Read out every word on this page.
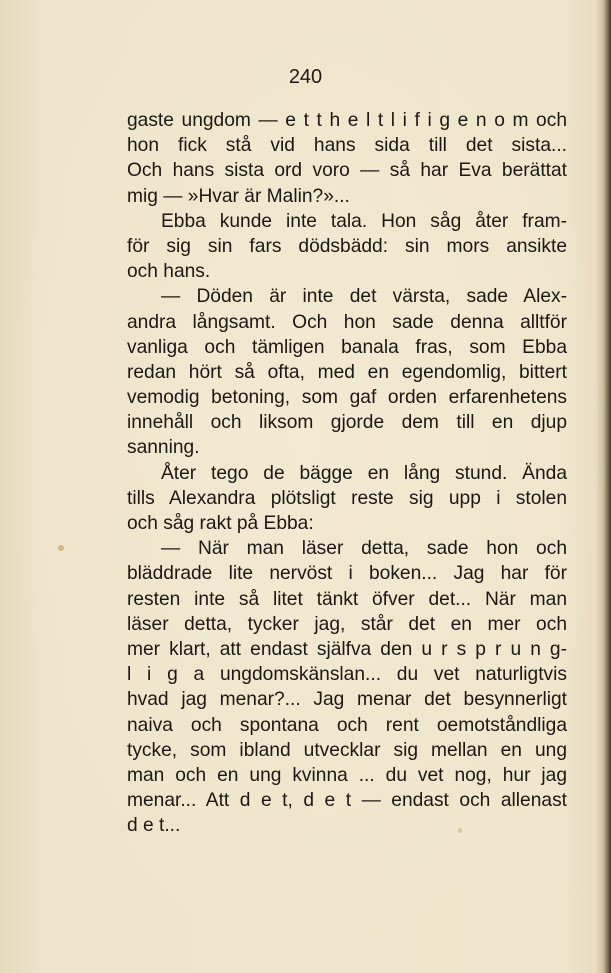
240

gaste ungdom — e t t h e l t l i f i g e n o m och
hon fick stå vid hans sida till det sista...
Och hans sista ord voro — så har Eva berättat
mig — »Hvar är Malin?»...
Ebba kunde inte tala. Hon såg åter fram-
för sig sin fars dödsbädd: sin mors ansikte
och hans.
— Döden är inte det värsta, sade Alex-
andra långsamt. Och hon sade denna alltför
vanliga och tämligen banala fras, som Ebba
redan hört så ofta, med en egendomlig, bittert
vemodig betoning, som gaf orden erfarenhetens
innehåll och liksom gjorde dem till en djup
sanning.
Åter tego de bägge en lång stund. Ända
tills Alexandra plötsligt reste sig upp i stolen
och såg rakt på Ebba:
— När man läser detta, sade hon och
bläddrade lite nervöst i boken... Jag har för
resten inte så litet tänkt öfver det... När man
läser detta, tycker jag, står det en mer och
mer klart, att endast själfva den u r s p r u n g-
l i g a ungdomskänslan... du vet naturligtvis
hvad jag menar?... Jag menar det besynnerligt
naiva och spontana och rent oemotståndliga
tycke, som ibland utvecklar sig mellan en ung
man och en ung kvinna ... du vet nog, hur jag
menar... Att d e t, d e t — endast och allenast
d e t...
